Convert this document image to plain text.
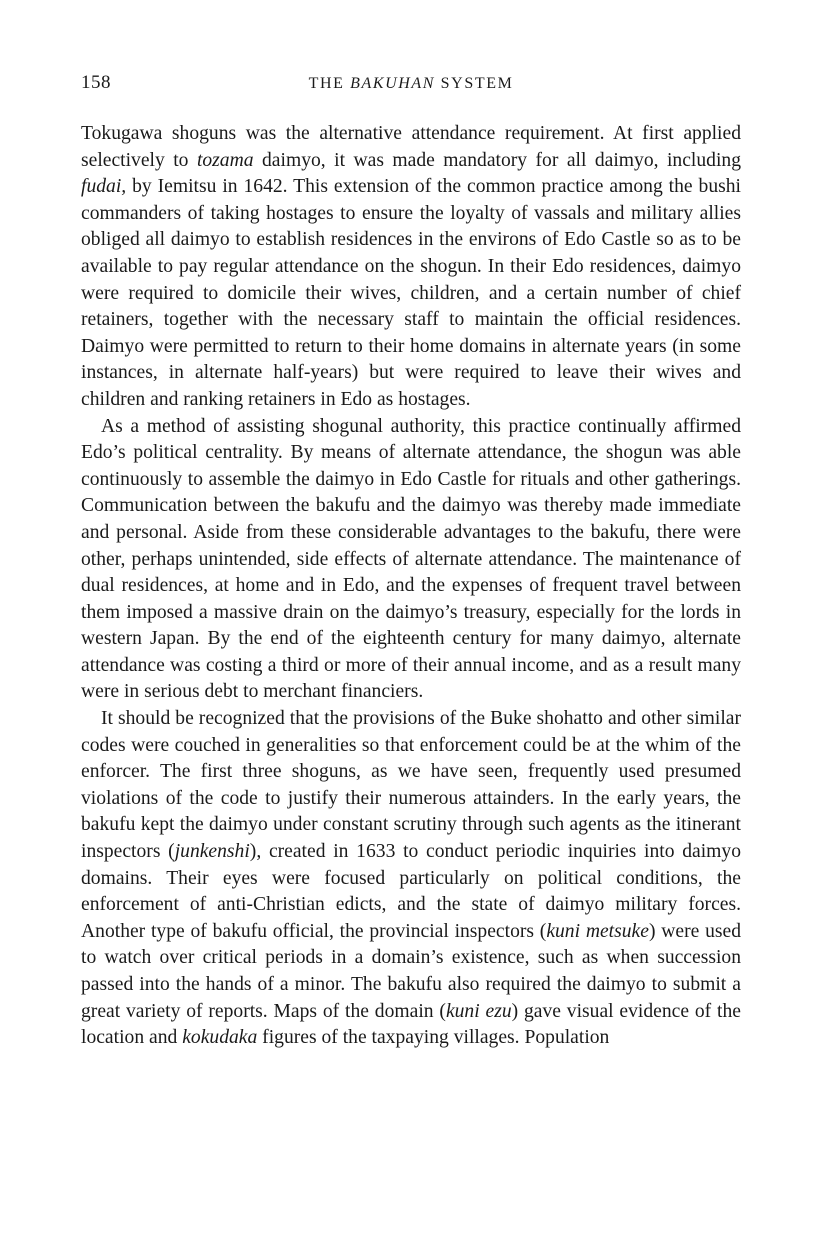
158	THE BAKUHAN SYSTEM

Tokugawa shoguns was the alternative attendance requirement. At first applied selectively to tozama daimyo, it was made mandatory for all daimyo, including fudai, by Iemitsu in 1642. This extension of the common practice among the bushi commanders of taking hostages to ensure the loyalty of vassals and military allies obliged all daimyo to establish residences in the environs of Edo Castle so as to be available to pay regular attendance on the shogun. In their Edo residences, daimyo were required to domicile their wives, children, and a certain number of chief retainers, together with the necessary staff to maintain the official residences. Daimyo were permitted to return to their home domains in alternate years (in some instances, in alternate half-years) but were required to leave their wives and children and ranking retainers in Edo as hostages.

As a method of assisting shogunal authority, this practice continually affirmed Edo’s political centrality. By means of alternate attendance, the shogun was able continuously to assemble the daimyo in Edo Castle for rituals and other gatherings. Communication between the bakufu and the daimyo was thereby made immediate and personal. Aside from these considerable advantages to the bakufu, there were other, perhaps unintended, side effects of alternate attendance. The maintenance of dual residences, at home and in Edo, and the expenses of frequent travel between them imposed a massive drain on the daimyo’s treasury, especially for the lords in western Japan. By the end of the eighteenth century for many daimyo, alternate attendance was costing a third or more of their annual income, and as a result many were in serious debt to merchant financiers.

It should be recognized that the provisions of the Buke shohatto and other similar codes were couched in generalities so that enforcement could be at the whim of the enforcer. The first three shoguns, as we have seen, frequently used presumed violations of the code to justify their numerous attainders. In the early years, the bakufu kept the daimyo under constant scrutiny through such agents as the itinerant inspectors (junkenshi), created in 1633 to conduct periodic inquiries into daimyo domains. Their eyes were focused particularly on political conditions, the enforcement of anti-Christian edicts, and the state of daimyo military forces. Another type of bakufu official, the provincial inspectors (kuni metsuke) were used to watch over critical periods in a domain’s existence, such as when succession passed into the hands of a minor. The bakufu also required the daimyo to submit a great variety of reports. Maps of the domain (kuni ezu) gave visual evidence of the location and kokudaka figures of the taxpaying villages. Population
